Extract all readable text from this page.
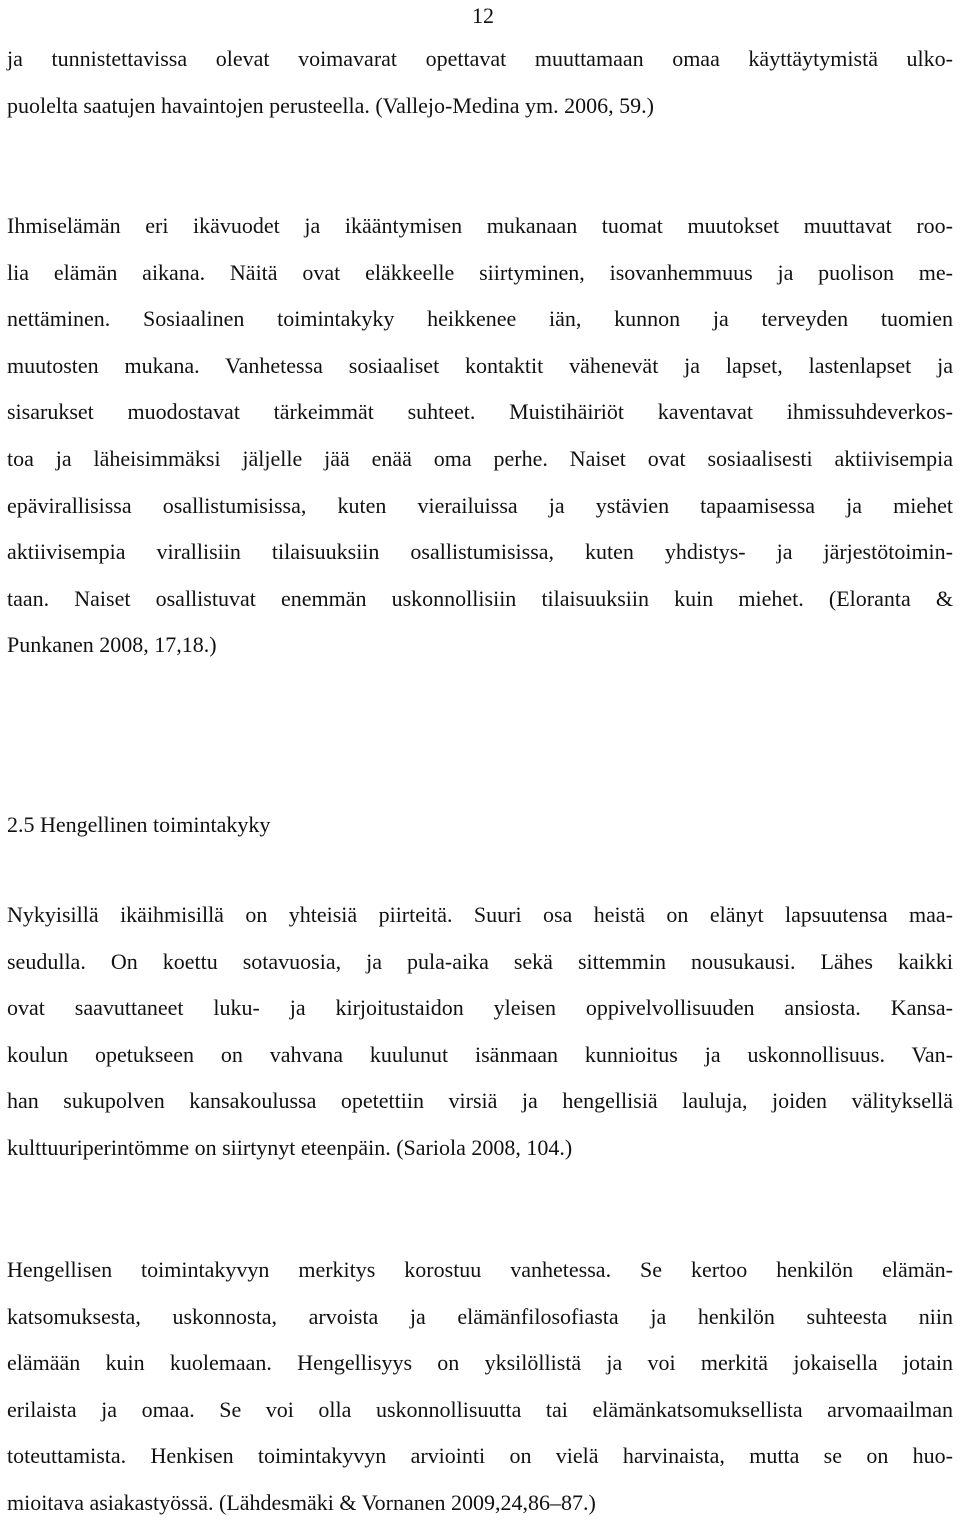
12
ja tunnistettavissa olevat voimavarat opettavat muuttamaan omaa käyttäytymistä ulko-
puolelta saatujen havaintojen perusteella. (Vallejo-Medina ym. 2006, 59.)
Ihmiselämän eri ikävuodet ja ikääntymisen mukanaan tuomat muutokset muuttavat roo-
lia elämän aikana. Näitä ovat eläkkeelle siirtyminen, isovanhemmuus ja puolison me-
nettäminen. Sosiaalinen toimintakyky heikkenee iän, kunnon ja terveyden tuomien
muutosten mukana. Vanhetessa sosiaaliset kontaktit vähenevät ja lapset, lastenlapset ja
sisarukset muodostavat tärkeimmät suhteet. Muistihäiriöt kaventavat ihmissuhdeverkos-
toa ja läheisimmäksi jäljelle jää enää oma perhe. Naiset ovat sosiaalisesti aktiivisempia
epävirallisissa osallistumisissa, kuten vierailuissa ja ystävien tapaamisessa ja miehet
aktiivisempia virallisiin tilaisuuksiin osallistumisissa, kuten yhdistys- ja järjestötoimin-
taan. Naiset osallistuvat enemmän uskonnollisiin tilaisuuksiin kuin miehet. (Eloranta &
Punkanen 2008, 17,18.)
2.5 Hengellinen toimintakyky
Nykyisillä ikäihmisillä on yhteisiä piirteitä. Suuri osa heistä on elänyt lapsuutensa maa-
seudulla. On koettu sotavuosia, ja pula-aika sekä sittemmin nousukausi. Lähes kaikki
ovat saavuttaneet luku- ja kirjoitustaidon yleisen oppivelvollisuuden ansiosta. Kansa-
koulun opetukseen on vahvana kuulunut isänmaan kunnioitus ja uskonnollisuus. Van-
han sukupolven kansakoulussa opetettiin virsiä ja hengellisiä lauluja, joiden välityksellä
kulttuuriperintömme on siirtynyt eteenpäin. (Sariola 2008, 104.)
Hengellisen toimintakyvyn merkitys korostuu vanhetessa. Se kertoo henkilön elämän-
katsomuksesta, uskonnosta, arvoista ja elämänfilosofiasta ja henkilön suhteesta niin
elämään kuin kuolemaan. Hengellisyys on yksilöllistä ja voi merkitä jokaisella jotain
erilaista ja omaa. Se voi olla uskonnollisuutta tai elämänkatsomuksellista arvomaailman
toteuttamista. Henkisen toimintakyvyn arviointi on vielä harvinaista, mutta se on huo-
mioitava asiakastyössä. (Lähdesmäki & Vornanen 2009,24,86–87.)
